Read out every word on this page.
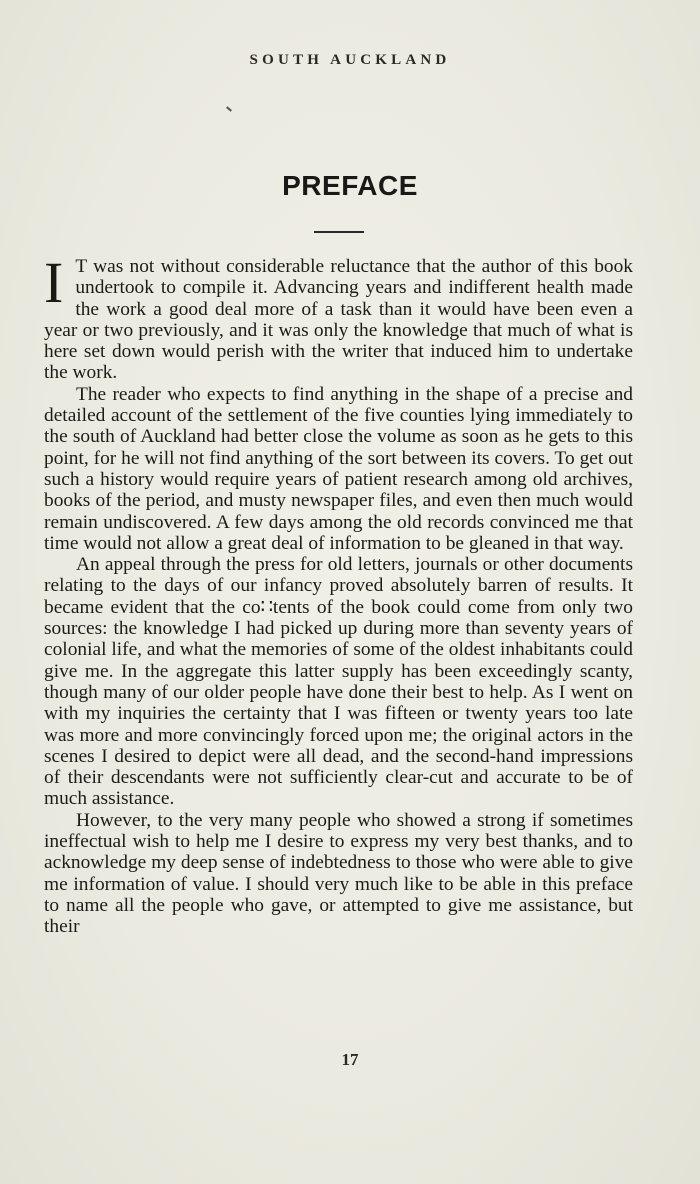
SOUTH AUCKLAND
PREFACE

I T was not without considerable reluctance that the author of this book undertook to compile it. Advancing years and indifferent health made the work a good deal more of a task than it would have been even a year or two previously, and it was only the knowledge that much of what is here set down would perish with the writer that induced him to undertake the work.

The reader who expects to find anything in the shape of a precise and detailed account of the settlement of the five counties lying immediately to the south of Auckland had better close the volume as soon as he gets to this point, for he will not find anything of the sort between its covers. To get out such a history would require years of patient research among old archives, books of the period, and musty newspaper files, and even then much would remain undiscovered. A few days among the old records convinced me that time would not allow a great deal of information to be gleaned in that way.

An appeal through the press for old letters, journals or other documents relating to the days of our infancy proved absolutely barren of results. It became evident that the co∷tents of the book could come from only two sources: the knowledge I had picked up during more than seventy years of colonial life, and what the memories of some of the oldest inhabitants could give me. In the aggregate this latter supply has been exceedingly scanty, though many of our older people have done their best to help. As I went on with my inquiries the certainty that I was fifteen or twenty years too late was more and more convincingly forced upon me; the original actors in the scenes I desired to depict were all dead, and the second-hand impressions of their descendants were not sufficiently clear-cut and accurate to be of much assistance.

However, to the very many people who showed a strong if sometimes ineffectual wish to help me I desire to express my very best thanks, and to acknowledge my deep sense of indebtedness to those who were able to give me information of value. I should very much like to be able in this preface to name all the people who gave, or attempted to give me assistance, but their

17
